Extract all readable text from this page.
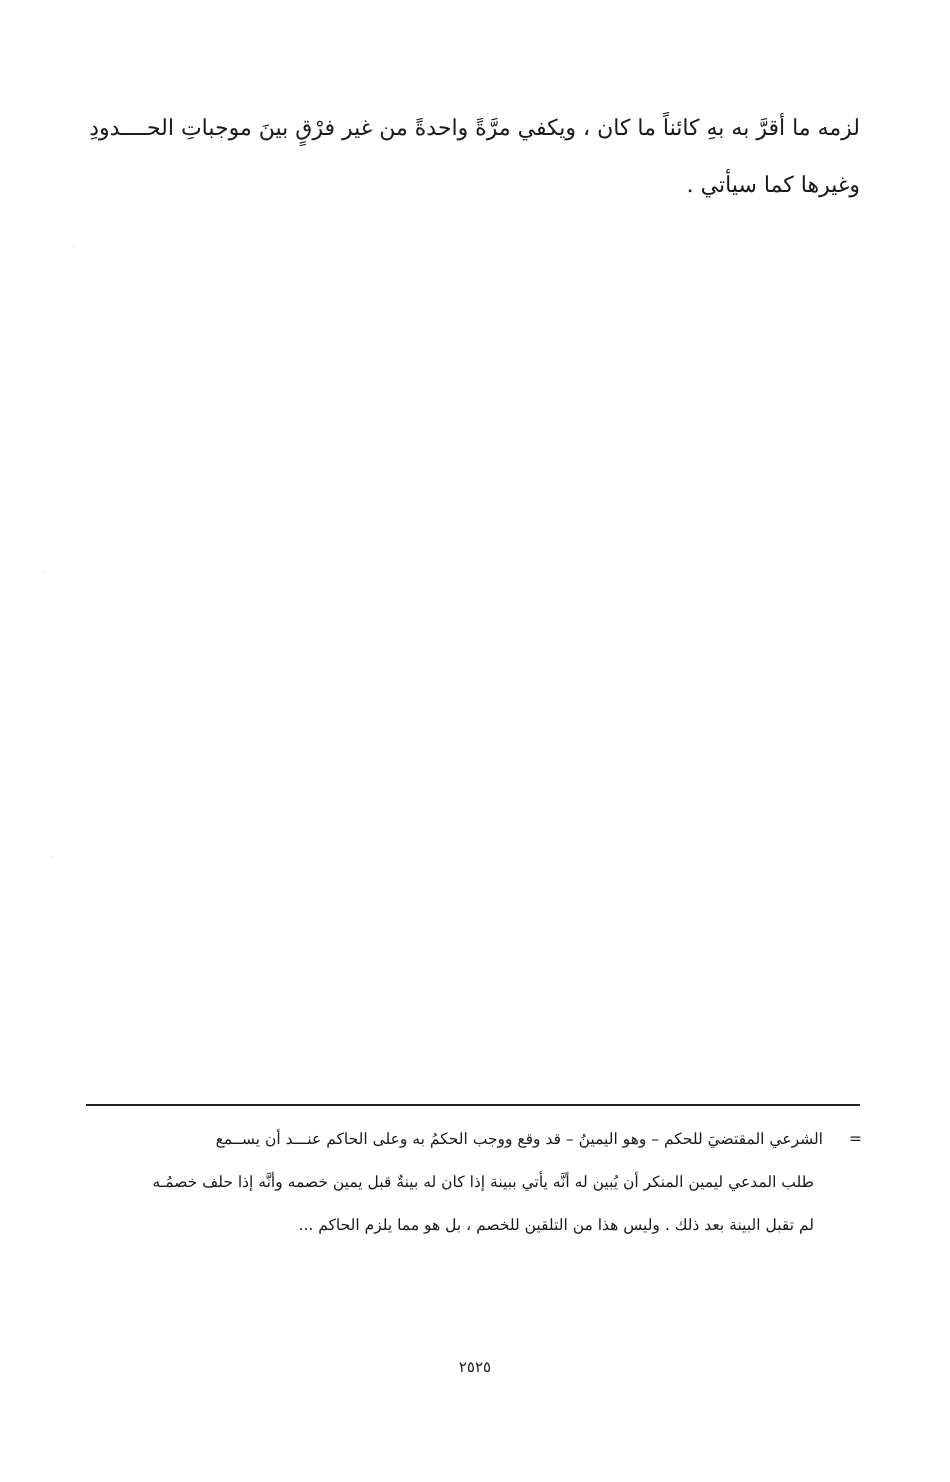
لزمه ما أقرَّ به بهِ كائناً ما كان ، ويكفي مرَّةً واحدةً من غير فرْقٍ بينَ موجباتِ الحــــدودِ
وغيرها كما سيأتي .
=الشرعي المقتضيَ للحكم – وهو اليمينُ – قد وقع ووجب الحكمُ به وعلى الحاكم عنـــد أن يســمع
طلب المدعي ليمين المنكر أن يُبين له أنَّه يأتي ببينة إذا كان له بينةٌ قبل يمين خصمه وأنَّه إذا حلف خصمُـه
لم تقبل البينة بعد ذلك . وليس هذا من التلقين للخصم ، بل هو مما يلزم الحاكم ...
٢٥٢٥
